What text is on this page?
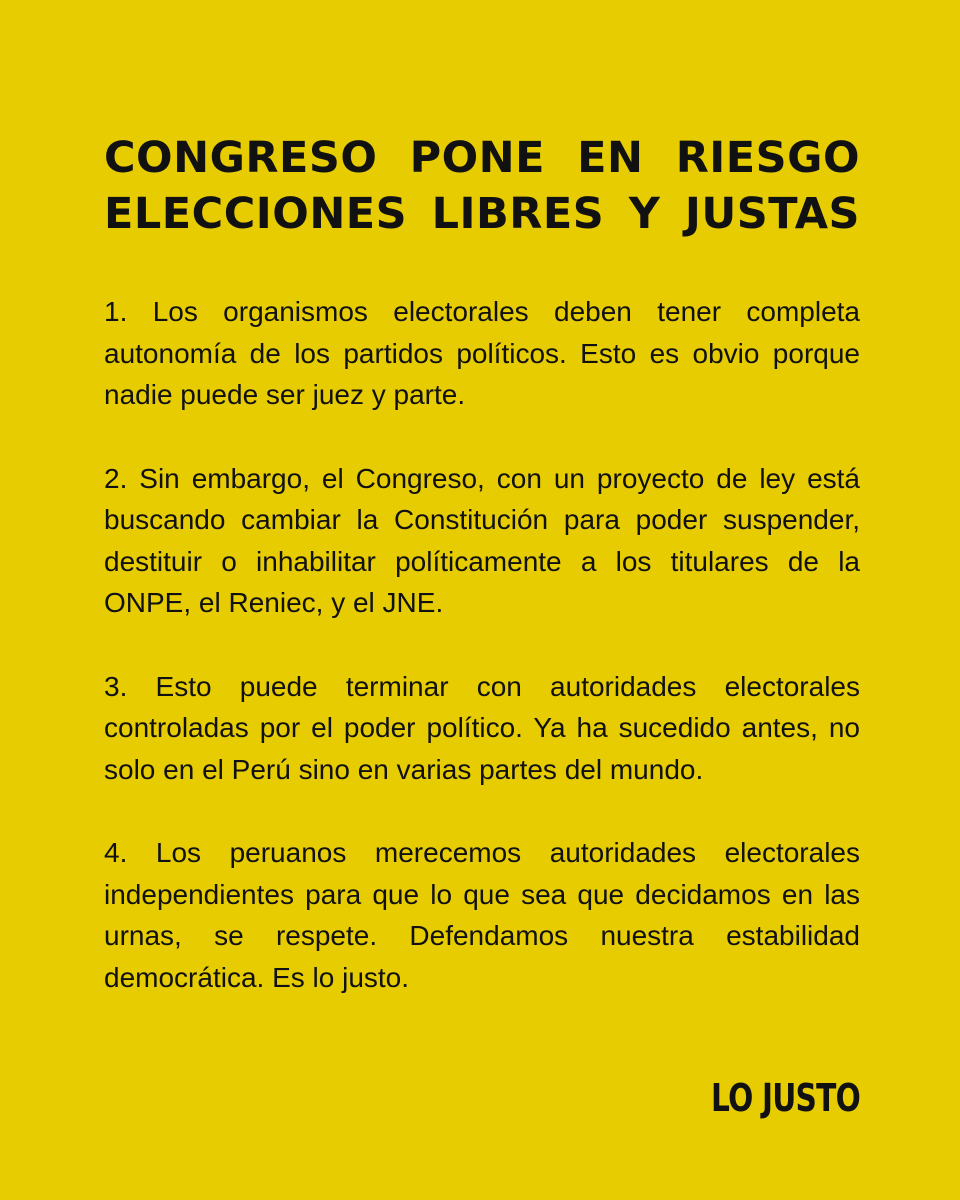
CONGRESO PONE EN RIESGO
ELECCIONES LIBRES Y JUSTAS

1. Los organismos electorales deben tener completa autonomía de los partidos políticos. Esto es obvio porque nadie puede ser juez y parte.

2. Sin embargo, el Congreso, con un proyecto de ley está buscando cambiar la Constitución para poder suspender, destituir o inhabilitar políticamente a los titulares de la ONPE, el Reniec, y el JNE.

3. Esto puede terminar con autoridades electorales controladas por el poder político. Ya ha sucedido antes, no solo en el Perú sino en varias partes del mundo.

4. Los peruanos merecemos autoridades electorales independientes para que lo que sea que decidamos en las urnas, se respete. Defendamos nuestra estabilidad democrática. Es lo justo.

LO JUSTO
